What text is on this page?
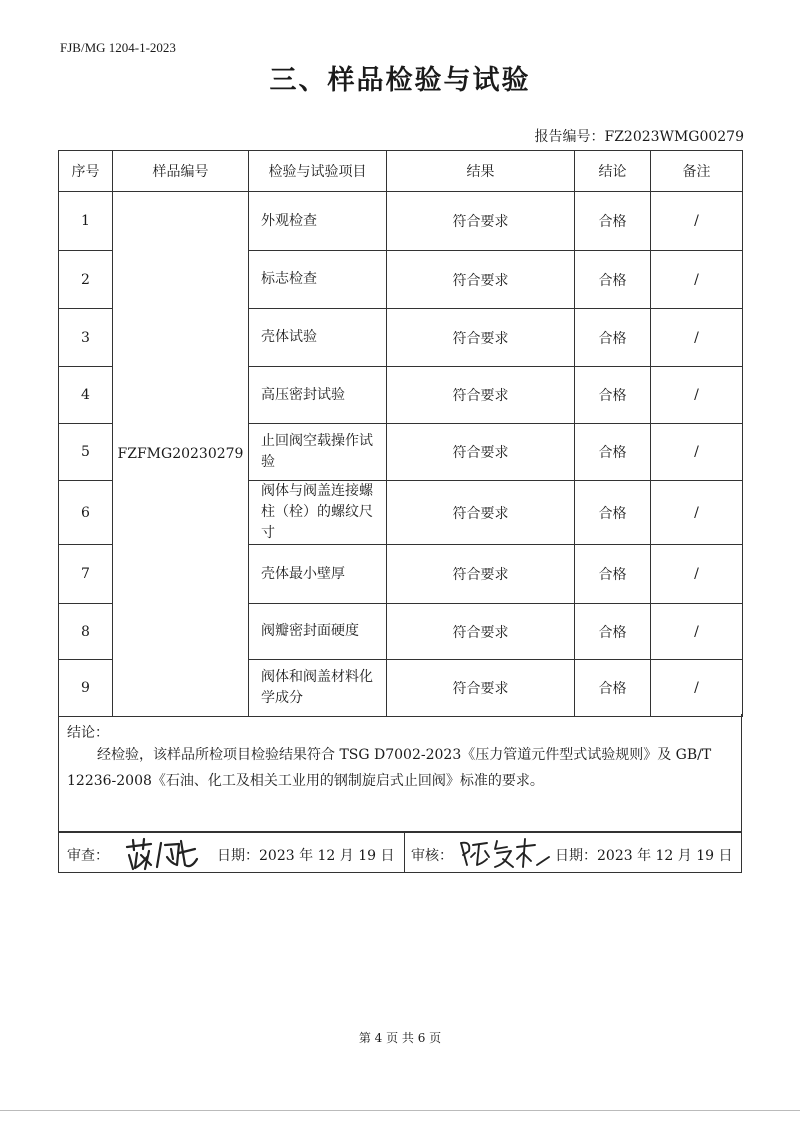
FJB/MG 1204-1-2023
三、样品检验与试验
报告编号：FZ2023WMG00279
序号	样品编号	检验与试验项目	结果	结论	备注
1	FZFMG20230279	外观检查	符合要求	合格	/
2		标志检查	符合要求	合格	/
3		壳体试验	符合要求	合格	/
4		高压密封试验	符合要求	合格	/
5		止回阀空载操作试验	符合要求	合格	/
6		阀体与阀盖连接螺柱（栓）的螺纹尺寸	符合要求	合格	/
7		壳体最小壁厚	符合要求	合格	/
8		阀瓣密封面硬度	符合要求	合格	/
9		阀体和阀盖材料化学成分	符合要求	合格	/
结论：
经检验，该样品所检项目检验结果符合 TSG D7002-2023《压力管道元件型式试验规则》及 GB/T 12236-2008《石油、化工及相关工业用的钢制旋启式止回阀》标准的要求。
审查：	日期：2023 年 12 月 19 日 审核：	日期：2023 年 12 月 19 日
第 4 页 共 6 页
